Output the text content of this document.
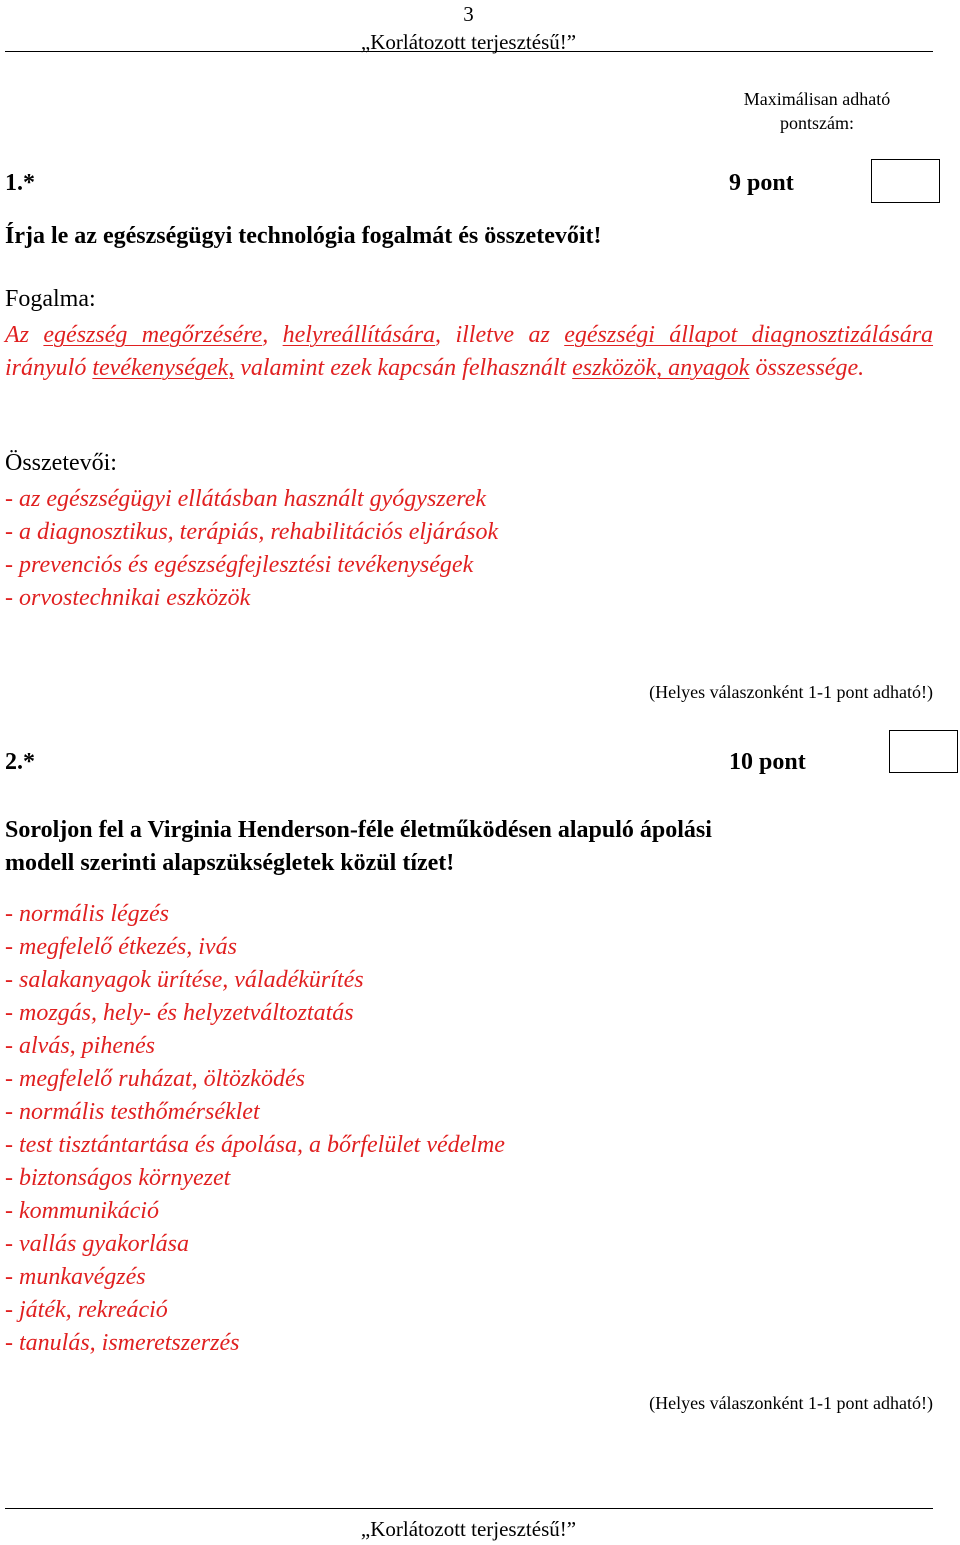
3
„Korlátozott terjesztésű!”
Maximálisan adható
pontszám:
1.*	9 pont
Írja le az egészségügyi technológia fogalmát és összetevőit!
Fogalma:
Az egészség megőrzésére, helyreállítására, illetve az egészségi állapot diagnosztizálására irányuló tevékenységek, valamint ezek kapcsán felhasznált eszközök, anyagok összessége.
Összetevői:
- az egészségügyi ellátásban használt gyógyszerek
- a diagnosztikus, terápiás, rehabilitációs eljárások
- prevenciós és egészségfejlesztési tevékenységek
- orvostechnikai eszközök
(Helyes válaszonként 1-1 pont adható!)
2.*	10 pont
Soroljon fel a Virginia Henderson-féle életműködésen alapuló ápolási
modell szerinti alapszükségletek közül tízet!
- normális légzés
- megfelelő étkezés, ivás
- salakanyagok ürítése, váladékürítés
- mozgás, hely- és helyzetváltoztatás
- alvás, pihenés
- megfelelő ruházat, öltözködés
- normális testhőmérséklet
- test tisztántartása és ápolása, a bőrfelület védelme
- biztonságos környezet
- kommunikáció
- vallás gyakorlása
- munkavégzés
- játék, rekreáció
- tanulás, ismeretszerzés
(Helyes válaszonként 1-1 pont adható!)
„Korlátozott terjesztésű!”
